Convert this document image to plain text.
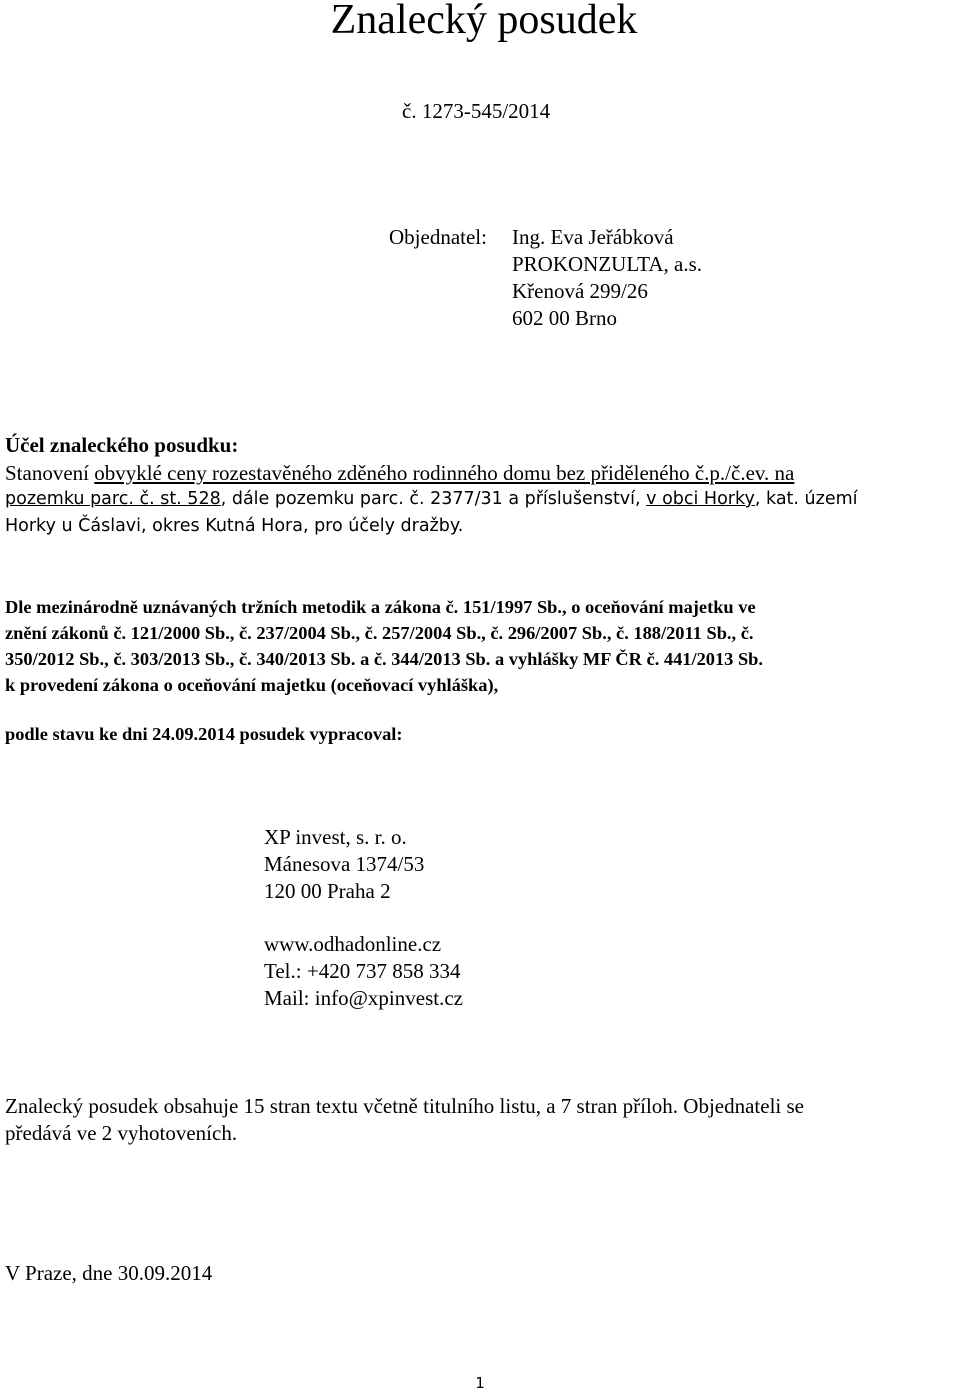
Znalecký posudek
č. 1273-545/2014
Objednatel: Ing. Eva Jeřábková
PROKONZULTA, a.s.
Křenová 299/26
602 00 Brno
Účel znaleckého posudku:
Stanovení obvyklé ceny rozestavěného zděného rodinného domu bez přiděleného č.p./č.ev. na
pozemku parc. č. st. 528, dále pozemku parc. č. 2377/31 a příslušenství, v obci Horky, kat. území
Horky u Čáslavi, okres Kutná Hora, pro účely dražby.
Dle mezinárodně uznávaných tržních metodik a zákona č. 151/1997 Sb., o oceňování majetku ve
znění zákonů č. 121/2000 Sb., č. 237/2004 Sb., č. 257/2004 Sb., č. 296/2007 Sb., č. 188/2011 Sb., č.
350/2012 Sb., č. 303/2013 Sb., č. 340/2013 Sb. a č. 344/2013 Sb. a vyhlášky MF ČR č. 441/2013 Sb.
k provedení zákona o oceňování majetku (oceňovací vyhláška),
podle stavu ke dni 24.09.2014 posudek vypracoval:
XP invest, s. r. o.
Mánesova 1374/53
120 00 Praha 2
www.odhadonline.cz
Tel.: +420 737 858 334
Mail: info@xpinvest.cz
Znalecký posudek obsahuje 15 stran textu včetně titulního listu, a 7 stran příloh. Objednateli se
předává ve 2 vyhotoveních.
V Praze, dne 30.09.2014
1
